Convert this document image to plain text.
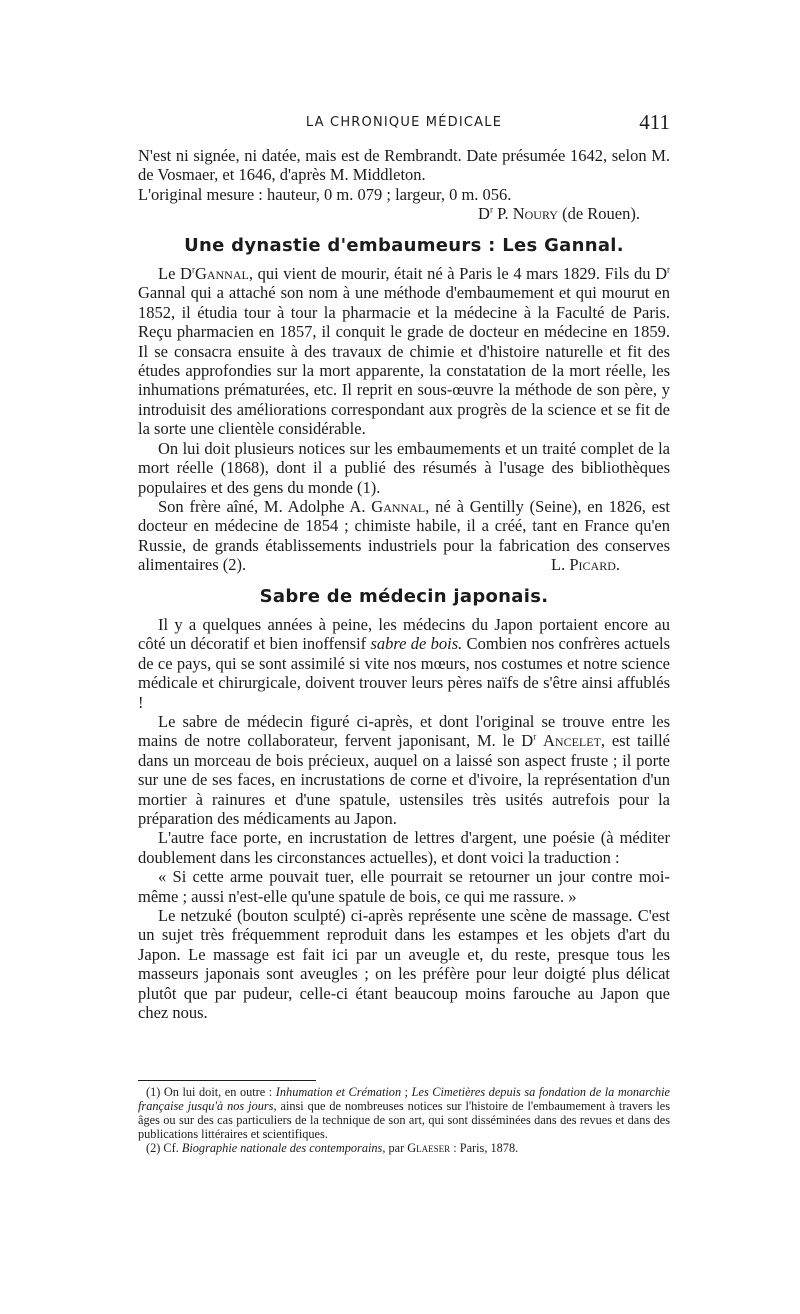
LA CHRONIQUE MÉDICALE	411

N'est ni signée, ni datée, mais est de Rembrandt. Date présumée 1642, selon M. de Vosmaer, et 1646, d'après M. Middleton.

L'original mesure : hauteur, 0 m. 079 ; largeur, 0 m. 056.

$D^r$ P. Noury (de Rouen).

Une dynastie d'embaumeurs : Les Gannal.

Le $D^rGannal$, qui vient de mourir, était né à Paris le 4 mars 1829. Fils du $D^r$ Gannal qui a attaché son nom à une méthode d'embaumement et qui mourut en 1852, il étudia tour à tour la pharmacie et la médecine à la Faculté de Paris. Reçu pharmacien en 1857, il conquit le grade de docteur en médecine en 1859. Il se consacra ensuite à des travaux de chimie et d'histoire naturelle et fit des études approfondies sur la mort apparente, la constatation de la mort réelle, les inhumations prématurées, etc. Il reprit en sous-œuvre la méthode de son père, y introduisit des améliorations correspondant aux progrès de la science et se fit de la sorte une clientèle considérable.

On lui doit plusieurs notices sur les embaumements et un traité complet de la mort réelle (1868), dont il a publié des résumés à l'usage des bibliothèques populaires et des gens du monde (1).

Son frère aîné, M. Adolphe A. Gannal, né à Gentilly (Seine), en 1826, est docteur en médecine de 1854 ; chimiste habile, il a créé, tant en France qu'en Russie, de grands établissements industriels pour la fabrication des conserves alimentaires (2).	L. Picard.

Sabre de médecin japonais.

Il y a quelques années à peine, les médecins du Japon portaient encore au côté un décoratif et bien inoffensif sabre de bois. Combien nos confrères actuels de ce pays, qui se sont assimilé si vite nos mœurs, nos costumes et notre science médicale et chirurgicale, doivent trouver leurs pères naïfs de s'être ainsi affublés !

Le sabre de médecin figuré ci-après, et dont l'original se trouve entre les mains de notre collaborateur, fervent japonisant, M. le $D^r$ Ancelet, est taillé dans un morceau de bois précieux, auquel on a laissé son aspect fruste ; il porte sur une de ses faces, en incrustations de corne et d'ivoire, la représentation d'un mortier à rainures et d'une spatule, ustensiles très usités autrefois pour la préparation des médicaments au Japon.

L'autre face porte, en incrustation de lettres d'argent, une poésie (à méditer doublement dans les circonstances actuelles), et dont voici la traduction :

« Si cette arme pouvait tuer, elle pourrait se retourner un jour contre moi-même ; aussi n'est-elle qu'une spatule de bois, ce qui me rassure. »

Le netzuké (bouton sculpté) ci-après représente une scène de massage. C'est un sujet très fréquemment reproduit dans les estampes et les objets d'art du Japon. Le massage est fait ici par un aveugle et, du reste, presque tous les masseurs japonais sont aveugles ; on les préfère pour leur doigté plus délicat plutôt que par pudeur, celle-ci étant beaucoup moins farouche au Japon que chez nous.

(1) On lui doit, en outre : Inhumation et Crémation ; Les Cimetières depuis sa fondation de la monarchie française jusqu'à nos jours, ainsi que de nombreuses notices sur l'histoire de l'embaumement à travers les âges ou sur des cas particuliers de la technique de son art, qui sont disséminées dans des revues et dans des publications littéraires et scientifiques.

(2) Cf. Biographie nationale des contemporains, par Glaeser : Paris, 1878.
